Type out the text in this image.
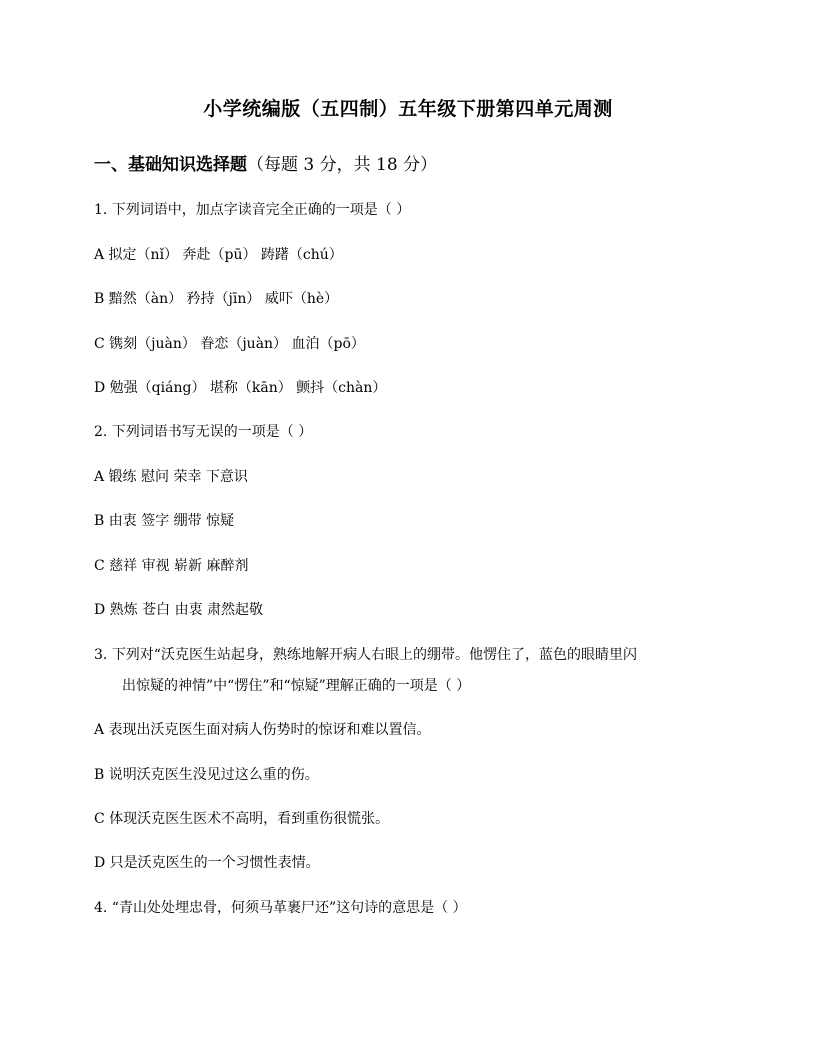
小学统编版（五四制）五年级下册第四单元周测
一、基础知识选择题（每题 3 分，共 18 分）
1. 下列词语中，加点字读音完全正确的一项是（ ）
A 拟定（nǐ） 奔赴（pū） 踌躇（chú）
B 黯然（àn） 矜持（jīn） 威吓（hè）
C 镌刻（juàn） 眷恋（juàn） 血泊（pō）
D 勉强（qiáng） 堪称（kān） 颤抖（chàn）
2. 下列词语书写无误的一项是（ ）
A 锻练 慰问 荣幸 下意识
B 由衷 签字 绷带 惊疑
C 慈祥 审视 崭新 麻醉剂
D 熟炼 苍白 由衷 肃然起敬
3. 下列对“沃克医生站起身，熟练地解开病人右眼上的绷带。他愣住了，蓝色的眼睛里闪
出惊疑的神情”中“愣住”和“惊疑”理解正确的一项是（ ）
A 表现出沃克医生面对病人伤势时的惊讶和难以置信。
B 说明沃克医生没见过这么重的伤。
C 体现沃克医生医术不高明，看到重伤很慌张。
D 只是沃克医生的一个习惯性表情。
4. “青山处处埋忠骨，何须马革裹尸还”这句诗的意思是（ ）
